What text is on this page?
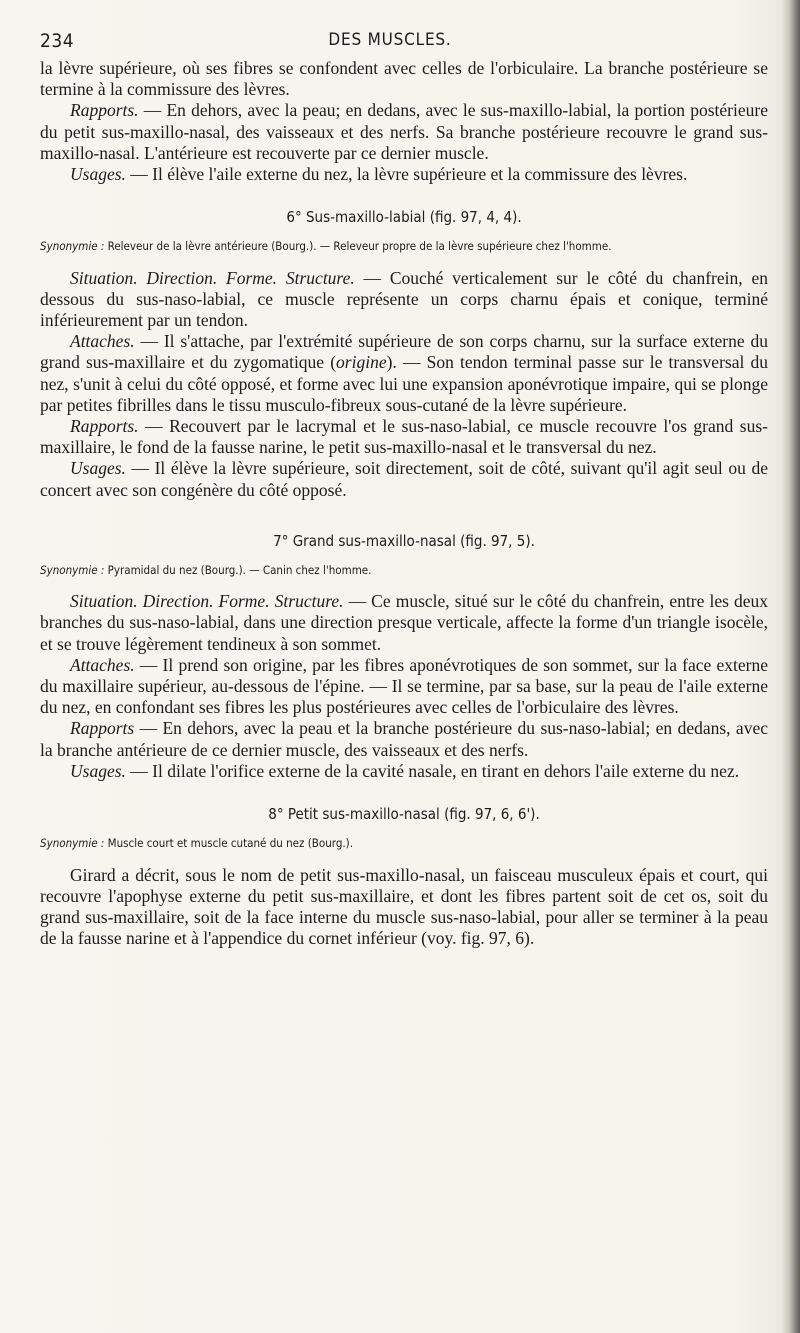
234	DES MUSCLES.

la lèvre supérieure, où ses fibres se confondent avec celles de l'orbiculaire. La branche postérieure se termine à la commissure des lèvres.

Rapports. — En dehors, avec la peau; en dedans, avec le sus-maxillo-labial, la portion postérieure du petit sus-maxillo-nasal, des vaisseaux et des nerfs. Sa branche postérieure recouvre le grand sus-maxillo-nasal. L'antérieure est recouverte par ce dernier muscle.

Usages. — Il élève l'aile externe du nez, la lèvre supérieure et la commissure des lèvres.

6° Sus-maxillo-labial (fig. 97, 4, 4).
Synonymie : Releveur de la lèvre antérieure (Bourg.). — Releveur propre de la lèvre supérieure chez l'homme.

Situation. Direction. Forme. Structure. — Couché verticalement sur le côté du chanfrein, en dessous du sus-naso-labial, ce muscle représente un corps charnu épais et conique, terminé inférieurement par un tendon.

Attaches. — Il s'attache, par l'extrémité supérieure de son corps charnu, sur la surface externe du grand sus-maxillaire et du zygomatique (origine). — Son tendon terminal passe sur le transversal du nez, s'unit à celui du côté opposé, et forme avec lui une expansion aponévrotique impaire, qui se plonge par petites fibrilles dans le tissu musculo-fibreux sous-cutané de la lèvre supérieure.

Rapports. — Recouvert par le lacrymal et le sus-naso-labial, ce muscle recouvre l'os grand sus-maxillaire, le fond de la fausse narine, le petit sus-maxillo-nasal et le transversal du nez.

Usages. — Il élève la lèvre supérieure, soit directement, soit de côté, suivant qu'il agit seul ou de concert avec son congénère du côté opposé.

7° Grand sus-maxillo-nasal (fig. 97, 5).
Synonymie : Pyramidal du nez (Bourg.). — Canin chez l'homme.

Situation. Direction. Forme. Structure. — Ce muscle, situé sur le côté du chanfrein, entre les deux branches du sus-naso-labial, dans une direction presque verticale, affecte la forme d'un triangle isocèle, et se trouve légèrement tendineux à son sommet.

Attaches. — Il prend son origine, par les fibres aponévrotiques de son sommet, sur la face externe du maxillaire supérieur, au-dessous de l'épine. — Il se termine, par sa base, sur la peau de l'aile externe du nez, en confondant ses fibres les plus postérieures avec celles de l'orbiculaire des lèvres.

Rapports — En dehors, avec la peau et la branche postérieure du sus-naso-labial; en dedans, avec la branche antérieure de ce dernier muscle, des vaisseaux et des nerfs.

Usages. — Il dilate l'orifice externe de la cavité nasale, en tirant en dehors l'aile externe du nez.

8° Petit sus-maxillo-nasal (fig. 97, 6, 6').
Synonymie : Muscle court et muscle cutané du nez (Bourg.).

Girard a décrit, sous le nom de petit sus-maxillo-nasal, un faisceau musculeux épais et court, qui recouvre l'apophyse externe du petit sus-maxillaire, et dont les fibres partent soit de cet os, soit du grand sus-maxillaire, soit de la face interne du muscle sus-naso-labial, pour aller se terminer à la peau de la fausse narine et à l'appendice du cornet inférieur (voy. fig. 97, 6).
